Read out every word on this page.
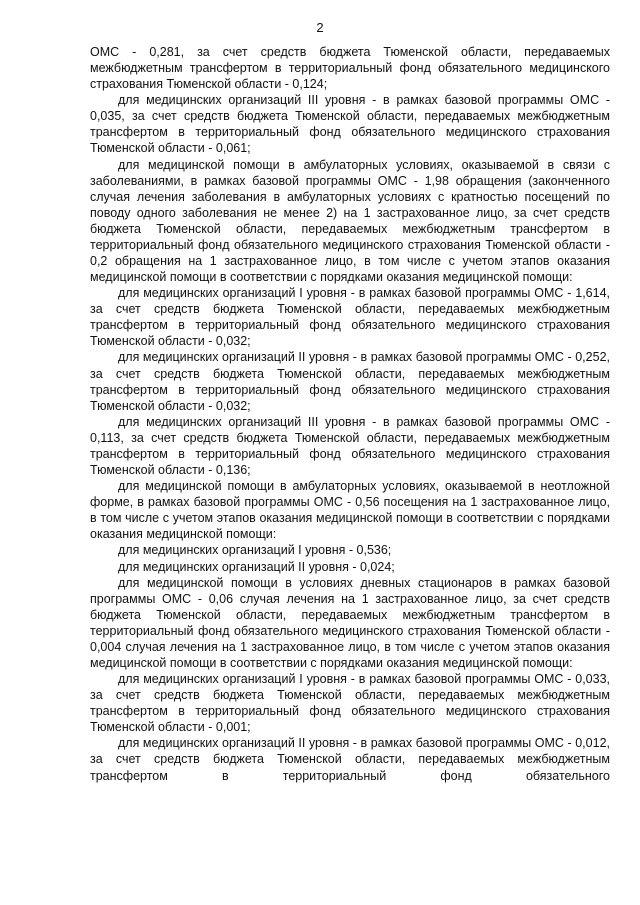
2

ОМС - 0,281, за счет средств бюджета Тюменской области, передаваемых межбюджетным трансфертом в территориальный фонд обязательного медицинского страхования Тюменской области - 0,124;

для медицинских организаций III уровня - в рамках базовой программы ОМС - 0,035, за счет средств бюджета Тюменской области, передаваемых межбюджетным трансфертом в территориальный фонд обязательного медицинского страхования Тюменской области - 0,061;

для медицинской помощи в амбулаторных условиях, оказываемой в связи с заболеваниями, в рамках базовой программы ОМС - 1,98 обращения (законченного случая лечения заболевания в амбулаторных условиях с кратностью посещений по поводу одного заболевания не менее 2) на 1 застрахованное лицо, за счет средств бюджета Тюменской области, передаваемых межбюджетным трансфертом в территориальный фонд обязательного медицинского страхования Тюменской области - 0,2 обращения на 1 застрахованное лицо, в том числе с учетом этапов оказания медицинской помощи в соответствии с порядками оказания медицинской помощи:

для медицинских организаций I уровня - в рамках базовой программы ОМС - 1,614, за счет средств бюджета Тюменской области, передаваемых межбюджетным трансфертом в территориальный фонд обязательного медицинского страхования Тюменской области - 0,032;

для медицинских организаций II уровня - в рамках базовой программы ОМС - 0,252, за счет средств бюджета Тюменской области, передаваемых межбюджетным трансфертом в территориальный фонд обязательного медицинского страхования Тюменской области - 0,032;

для медицинских организаций III уровня - в рамках базовой программы ОМС - 0,113, за счет средств бюджета Тюменской области, передаваемых межбюджетным трансфертом в территориальный фонд обязательного медицинского страхования Тюменской области - 0,136;

для медицинской помощи в амбулаторных условиях, оказываемой в неотложной форме, в рамках базовой программы ОМС - 0,56 посещения на 1 застрахованное лицо, в том числе с учетом этапов оказания медицинской помощи в соответствии с порядками оказания медицинской помощи:

для медицинских организаций I уровня - 0,536;

для медицинских организаций II уровня - 0,024;

для медицинской помощи в условиях дневных стационаров в рамках базовой программы ОМС - 0,06 случая лечения на 1 застрахованное лицо, за счет средств бюджета Тюменской области, передаваемых межбюджетным трансфертом в территориальный фонд обязательного медицинского страхования Тюменской области - 0,004 случая лечения на 1 застрахованное лицо, в том числе с учетом этапов оказания медицинской помощи в соответствии с порядками оказания медицинской помощи:

для медицинских организаций I уровня - в рамках базовой программы ОМС - 0,033, за счет средств бюджета Тюменской области, передаваемых межбюджетным трансфертом в территориальный фонд обязательного медицинского страхования Тюменской области - 0,001;

для медицинских организаций II уровня - в рамках базовой программы ОМС - 0,012, за счет средств бюджета Тюменской области, передаваемых межбюджетным трансфертом в территориальный фонд обязательного
